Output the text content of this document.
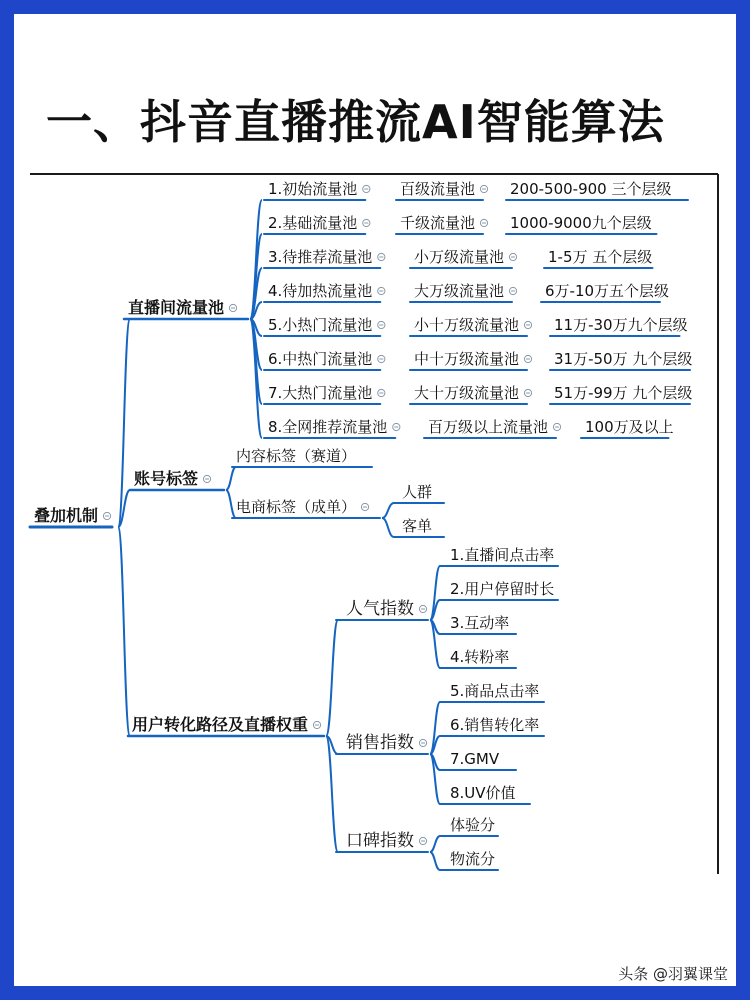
一、抖音直播推流AI智能算法
叠加机制
直播间流量池
1.初始流量池	百级流量池 200-500-900 三个层级
2.基础流量池	千级流量池 1000-9000九个层级
3.待推荐流量池	小万级流量池	1-5万 五个层级
4.待加热流量池	大万级流量池	6万-10万五个层级
5.小热门流量池	小十万级流量池 11万-30万九个层级
6.中热门流量池	中十万级流量池 31万-50万 九个层级
7.大热门流量池	大十万级流量池 51万-99万 九个层级
8.全网推荐流量池	百万级以上流量池 100万及以上
账号标签
内容标签（赛道）
电商标签（成单）
人群
客单
用户转化路径及直播权重
人气指数
1.直播间点击率
2.用户停留时长
3.互动率
4.转粉率
销售指数
5.商品点击率
6.销售转化率
7.GMV
8.UV价值
口碑指数
体验分
物流分
头条 @羽翼课堂
